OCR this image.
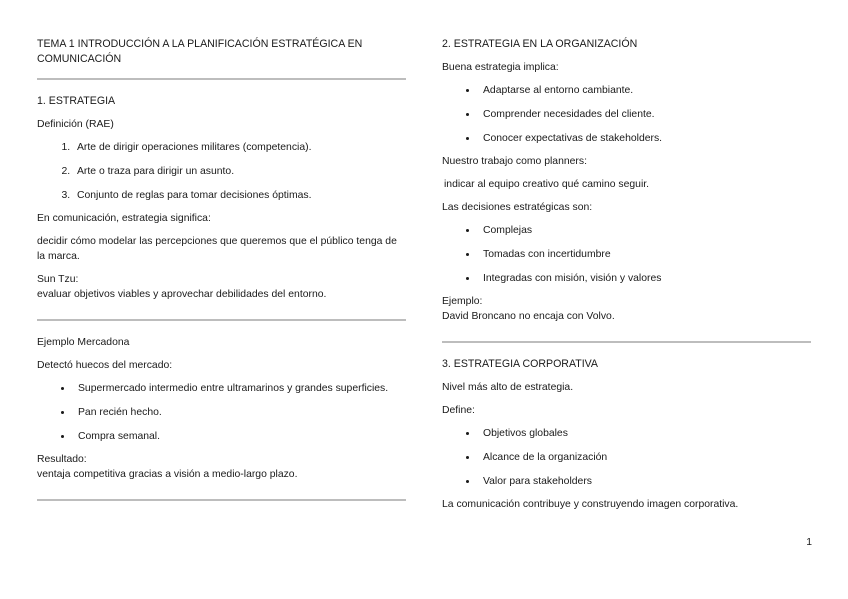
TEMA 1 INTRODUCCIÓN A LA PLANIFICACIÓN ESTRATÉGICA EN COMUNICACIÓN
1. ESTRATEGIA

Definición (RAE)

1. Arte de dirigir operaciones militares (competencia).
2. Arte o traza para dirigir un asunto.
3. Conjunto de reglas para tomar decisiones óptimas.

En comunicación, estrategia significa:

decidir cómo modelar las percepciones que queremos que el público tenga de la marca.

Sun Tzu:

evaluar objetivos viables y aprovechar debilidades del entorno.

Ejemplo Mercadona

Detectó huecos del mercado:

• Supermercado intermedio entre ultramarinos y grandes superficies.
• Pan recién hecho.
• Compra semanal.

Resultado:

ventaja competitiva gracias a visión a medio-largo plazo.

2. ESTRATEGIA EN LA ORGANIZACIÓN

Buena estrategia implica:

• Adaptarse al entorno cambiante.
• Comprender necesidades del cliente.
• Conocer expectativas de stakeholders.

Nuestro trabajo como planners:

indicar al equipo creativo qué camino seguir.

Las decisiones estratégicas son:

• Complejas
• Tomadas con incertidumbre
• Integradas con misión, visión y valores

Ejemplo:

David Broncano no encaja con Volvo.

3. ESTRATEGIA CORPORATIVA

Nivel más alto de estrategia.

Define:

• Objetivos globales
• Alcance de la organización
• Valor para stakeholders

La comunicación contribuye y construyendo imagen corporativa.

1
